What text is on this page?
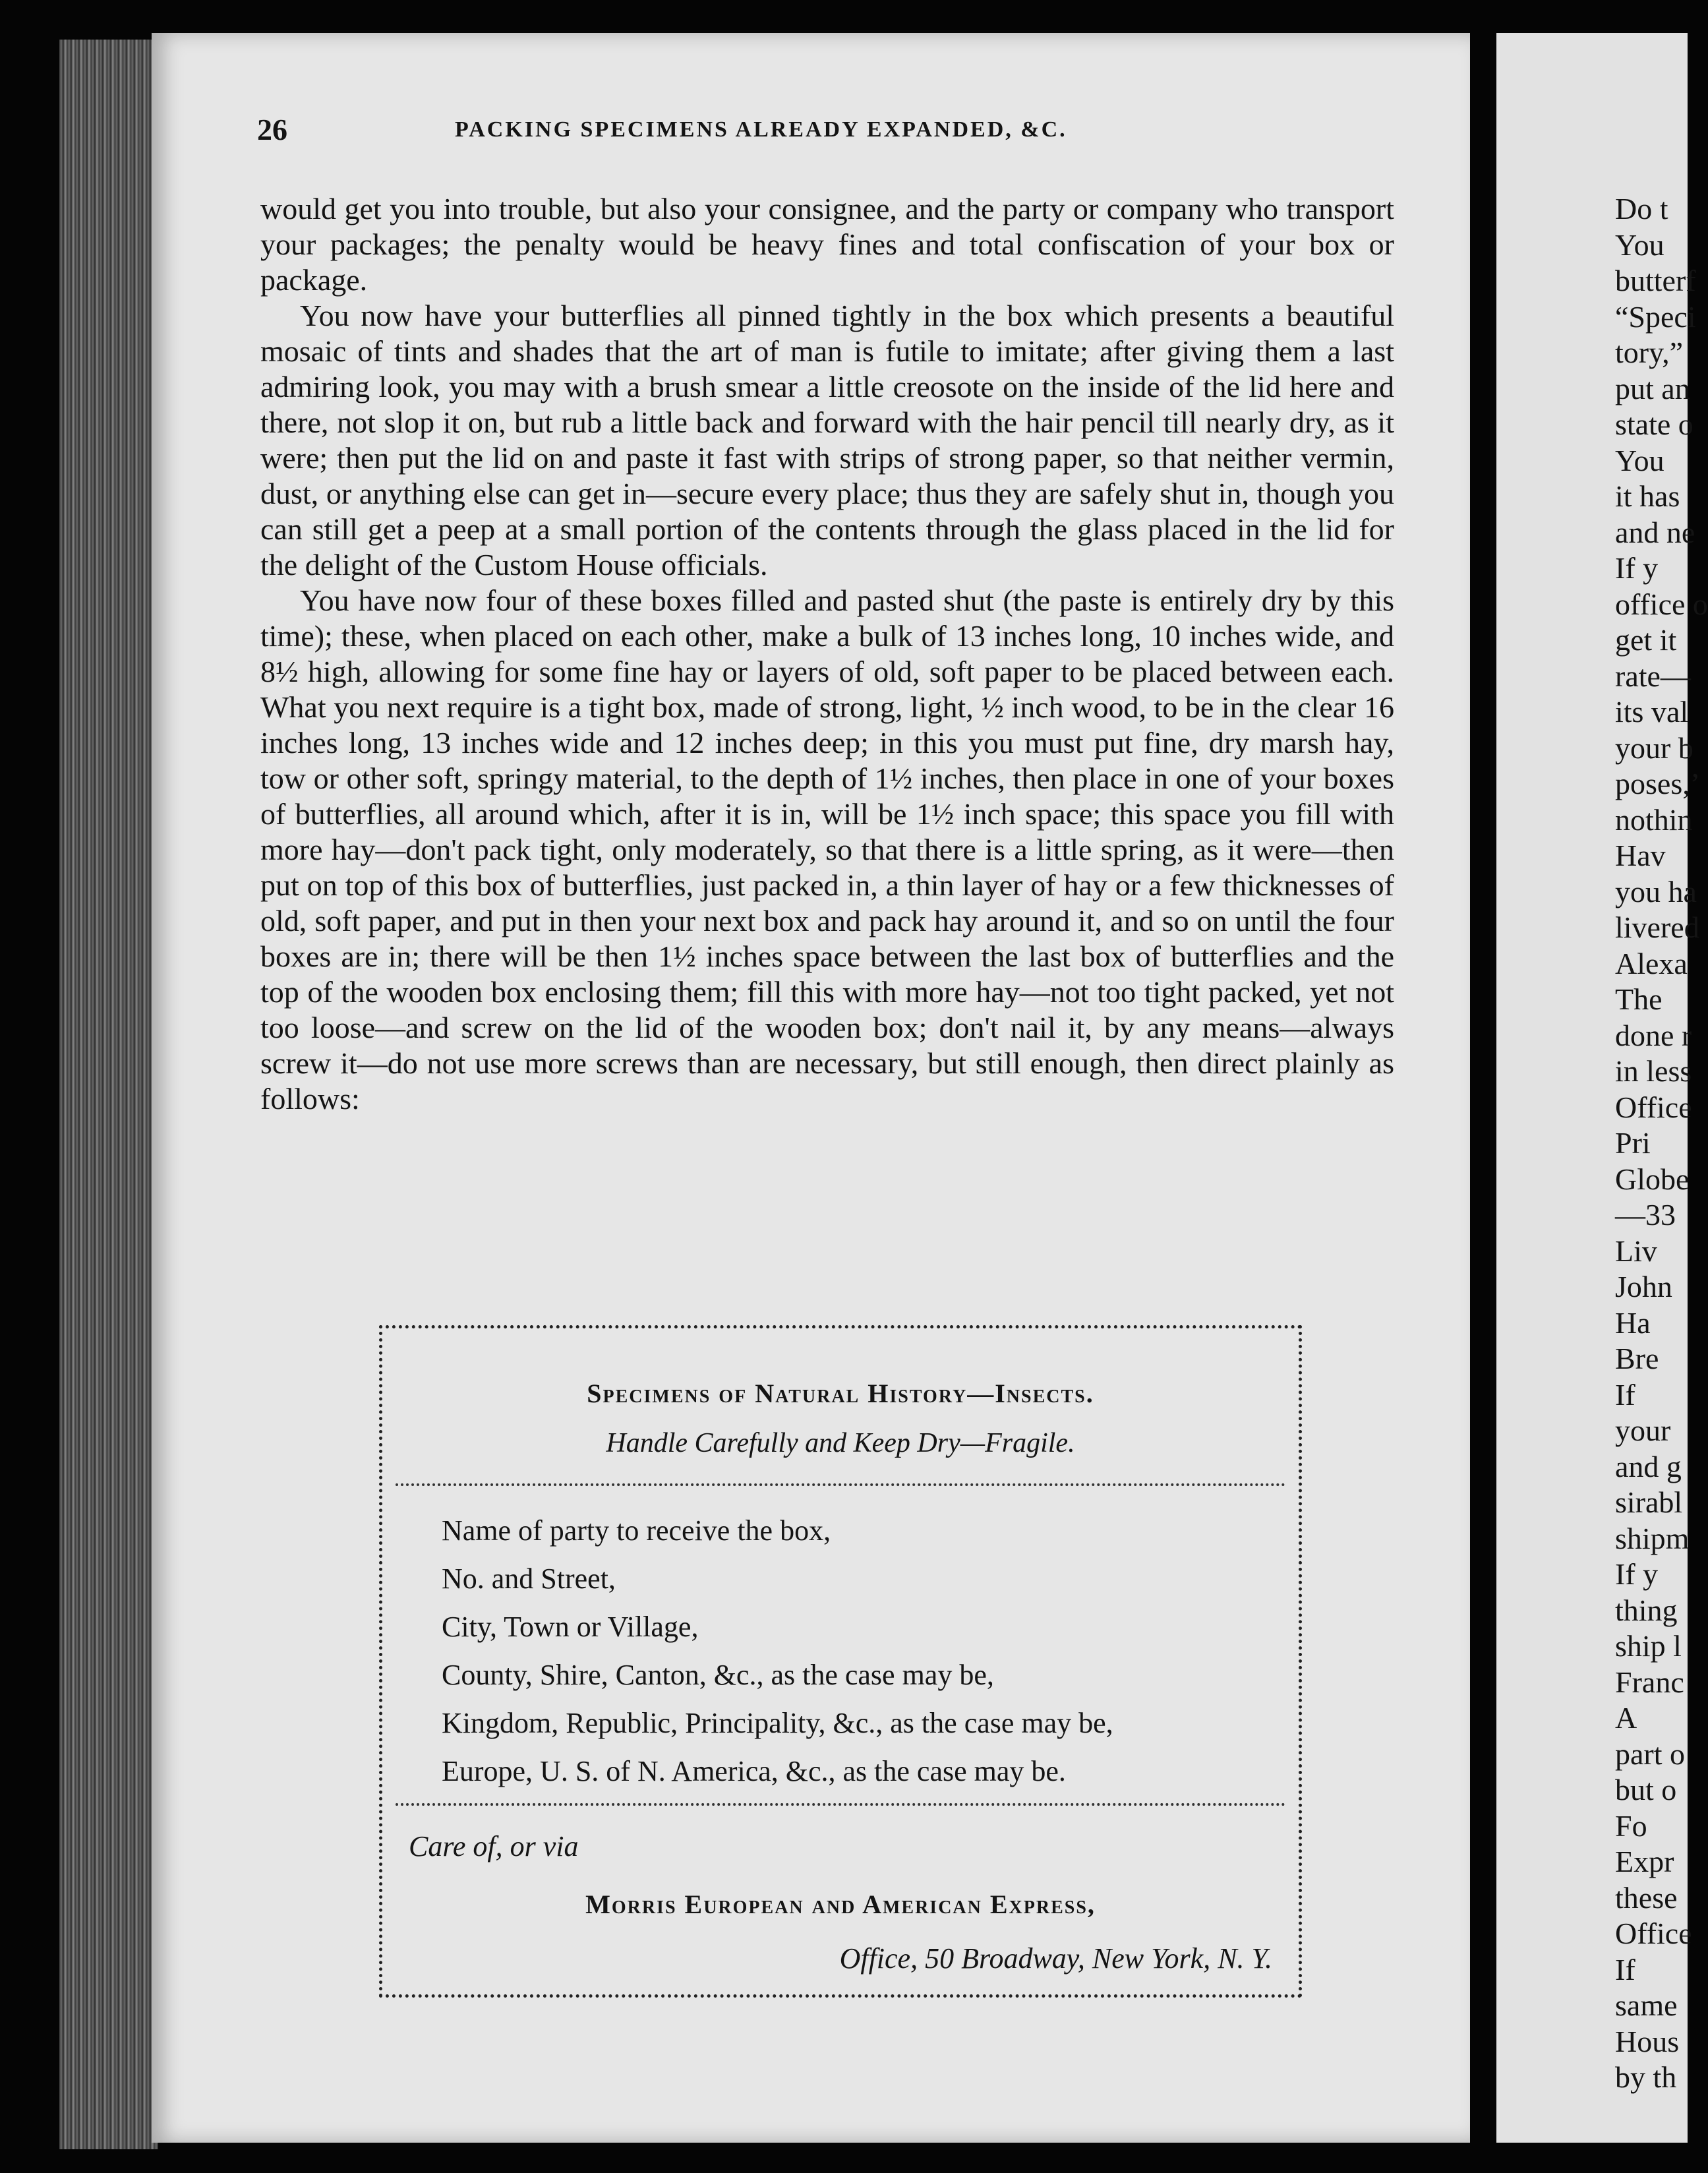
26	PACKING SPECIMENS ALREADY EXPANDED, &C.

would get you into trouble, but also your consignee, and the party or company who transport your packages; the penalty would be heavy fines and total confiscation of your box or package.

You now have your butterflies all pinned tightly in the box which presents a beautiful mosaic of tints and shades that the art of man is futile to imitate; after giving them a last admiring look, you may with a brush smear a little creosote on the inside of the lid here and there, not slop it on, but rub a little back and forward with the hair pencil till nearly dry, as it were; then put the lid on and paste it fast with strips of strong paper, so that neither vermin, dust, or anything else can get in—secure every place; thus they are safely shut in, though you can still get a peep at a small portion of the contents through the glass placed in the lid for the delight of the Custom House officials.

You have now four of these boxes filled and pasted shut (the paste is entirely dry by this time); these, when placed on each other, make a bulk of 13 inches long, 10 inches wide, and 8½ high, allowing for some fine hay or layers of old, soft paper to be placed between each. What you next require is a tight box, made of strong, light, ½ inch wood, to be in the clear 16 inches long, 13 inches wide and 12 inches deep; in this you must put fine, dry marsh hay, tow or other soft, springy material, to the depth of 1½ inches, then place in one of your boxes of butterflies, all around which, after it is in, will be 1½ inch space; this space you fill with more hay—don't pack tight, only moderately, so that there is a little spring, as it were—then put on top of this box of butterflies, just packed in, a thin layer of hay or a few thicknesses of old, soft paper, and put in then your next box and pack hay around it, and so on until the four boxes are in; there will be then 1½ inches space between the last box of butterflies and the top of the wooden box enclosing them; fill this with more hay—not too tight packed, yet not too loose—and screw on the lid of the wooden box; don't nail it, by any means—always screw it—do not use more screws than are necessary, but still enough, then direct plainly as follows:

Specimens of Natural History—Insects.
Handle Carefully and Keep Dry—Fragile.
Name of party to receive the box,
No. and Street,
City, Town or Village,
County, Shire, Canton, &c., as the case may be,
Kingdom, Republic, Principality, &c., as the case may be,
Europe, U. S. of N. America, &c., as the case may be.
Care of, or via
Morris European and American Express,
Office, 50 Broadway, New York, N. Y.
Do t
You
butterf
“Speci
tory,”
put an
state o
You
it has
and ne
If y
office o
get it
rate—
its val
your b
poses,’
nothin
Hav
you ha
livered
Alexa
The
done r
in less
Office
Pri
Globe
—33
Liv
John
Ha
Bre
If
your
and g
sirabl
shipm
If y
thing
ship l
Franc
A
part o
but o
Fo
Expr
these
Office
If
same
Hous
by th
